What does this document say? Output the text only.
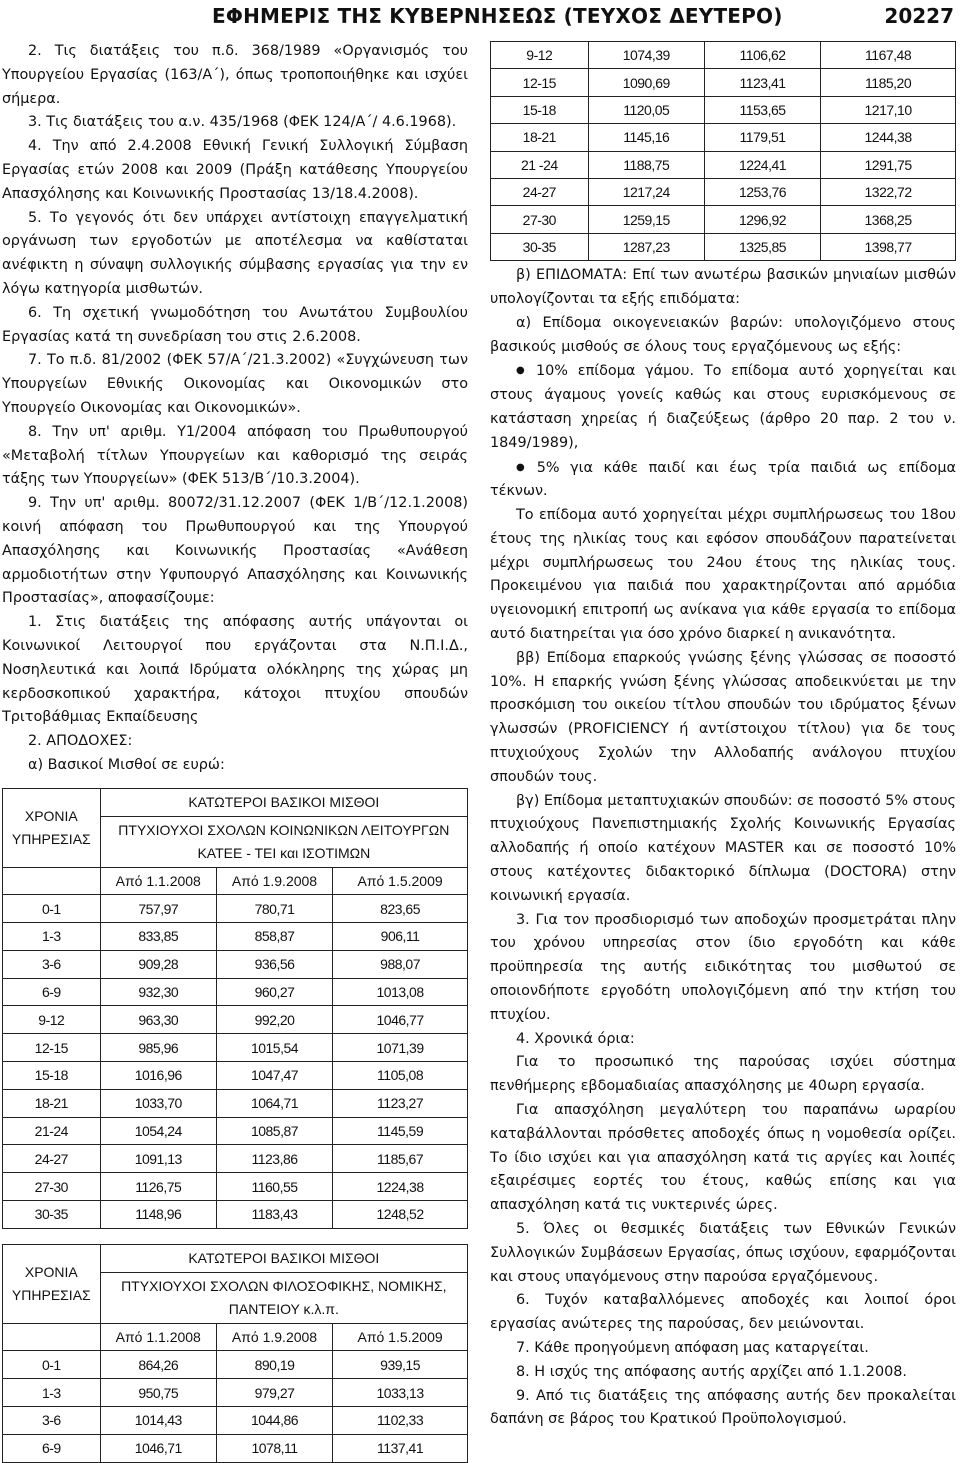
ΕΦΗΜΕΡΙΣ ΤΗΣ ΚΥΒΕΡΝΗΣΕΩΣ (ΤΕΥΧΟΣ ΔΕΥΤΕΡΟ)	20227

2. Τις διατάξεις του π.δ. 368/1989 «Οργανισμός του Υπουργείου Εργασίας (163/Α΄), όπως τροποποιήθηκε και ισχύει σήμερα.

3. Τις διατάξεις του α.ν. 435/1968 (ΦΕΚ 124/Α΄/ 4.6.1968).

4. Την από 2.4.2008 Εθνική Γενική Συλλογική Σύμβαση Εργασίας ετών 2008 και 2009 (Πράξη κατάθεσης Υπουργείου Απασχόλησης και Κοινωνικής Προστασίας 13/18.4.2008).

5. Το γεγονός ότι δεν υπάρχει αντίστοιχη επαγγελματική οργάνωση των εργοδοτών με αποτέλεσμα να καθίσταται ανέφικτη η σύναψη συλλογικής σύμβασης εργασίας για την εν λόγω κατηγορία μισθωτών.

6. Τη σχετική γνωμοδότηση του Ανωτάτου Συμβουλίου Εργασίας κατά τη συνεδρίαση του στις 2.6.2008.

7. Το π.δ. 81/2002 (ΦΕΚ 57/Α΄/21.3.2002) «Συγχώνευση των Υπουργείων Εθνικής Οικονομίας και Οικονομικών στο Υπουργείο Οικονομίας και Οικονομικών».

8. Την υπ' αριθμ. Υ1/2004 απόφαση του Πρωθυπουργού «Μεταβολή τίτλων Υπουργείων και καθορισμό της σειράς τάξης των Υπουργείων» (ΦΕΚ 513/Β΄/10.3.2004).

9. Την υπ' αριθμ. 80072/31.12.2007 (ΦΕΚ 1/Β΄/12.1.2008) κοινή απόφαση του Πρωθυπουργού και της Υπουργού Απασχόλησης και Κοινωνικής Προστασίας «Ανάθεση αρμοδιοτήτων στην Υφυπουργό Απασχόλησης και Κοινωνικής Προστασίας», αποφασίζουμε:

1. Στις διατάξεις της απόφασης αυτής υπάγονται οι Κοινωνικοί Λειτουργοί που εργάζονται στα Ν.Π.Ι.Δ., Νοσηλευτικά και λοιπά Ιδρύματα ολόκληρης της χώρας μη κερδοσκοπικού χαρακτήρα, κάτοχοι πτυχίου σπουδών Τριτοβάθμιας Εκπαίδευσης

2. ΑΠΟΔΟΧΕΣ:

α) Βασικοί Μισθοί σε ευρώ:

ΧΡΟΝΙΑ ΥΠΗΡΕΣΙΑΣ	ΚΑΤΩΤΕΡΟΙ ΒΑΣΙΚΟΙ ΜΙΣΘΟΙ		
	ΠΤΥΧΙΟΥΧΟΙ ΣΧΟΛΩΝ ΚΟΙΝΩΝΙΚΩΝ ΛΕΙΤΟΥΡΓΩΝ ΚΑΤΕΕ - ΤΕΙ και ΙΣΟΤΙΜΩΝ		
	Από 1.1.2008	Από 1.9.2008	Από 1.5.2009
0-1	757,97	780,71	823,65
1-3	833,85	858,87	906,11
3-6	909,28	936,56	988,07
6-9	932,30	960,27	1013,08
9-12	963,30	992,20	1046,77
12-15	985,96	1015,54	1071,39
15-18	1016,96	1047,47	1105,08
18-21	1033,70	1064,71	1123,27
21-24	1054,24	1085,87	1145,59
24-27	1091,13	1123,86	1185,67
27-30	1126,75	1160,55	1224,38
30-35	1148,96	1183,43	1248,52
ΧΡΟΝΙΑ ΥΠΗΡΕΣΙΑΣ	ΚΑΤΩΤΕΡΟΙ ΒΑΣΙΚΟΙ ΜΙΣΘΟΙ		
	ΠΤΥΧΙΟΥΧΟΙ ΣΧΟΛΩΝ ΦΙΛΟΣΟΦΙΚΗΣ, ΝΟΜΙΚΗΣ, ΠΑΝΤΕΙΟΥ κ.λ.π.		
	Από 1.1.2008	Από 1.9.2008	Από 1.5.2009
0-1	864,26	890,19	939,15
1-3	950,75	979,27	1033,13
3-6	1014,43	1044,86	1102,33
6-9	1046,71	1078,11	1137,41
9-12	1074,39	1106,62	1167,48
12-15	1090,69	1123,41	1185,20
15-18	1120,05	1153,65	1217,10
18-21	1145,16	1179,51	1244,38
21 -24	1188,75	1224,41	1291,75
24-27	1217,24	1253,76	1322,72
27-30	1259,15	1296,92	1368,25
30-35	1287,23	1325,85	1398,77

β) ΕΠΙΔΟΜΑΤΑ: Επί των ανωτέρω βασικών μηνιαίων μισθών υπολογίζονται τα εξής επιδόματα:

α) Επίδομα οικογενειακών βαρών: υπολογιζόμενο στους βασικούς μισθούς σε όλους τους εργαζόμενους ως εξής:

● 10% επίδομα γάμου. Το επίδομα αυτό χορηγείται και στους άγαμους γονείς καθώς και στους ευρισκόμενους σε κατάσταση χηρείας ή διαζεύξεως (άρθρο 20 παρ. 2 του ν. 1849/1989),

● 5% για κάθε παιδί και έως τρία παιδιά ως επίδομα τέκνων.

Το επίδομα αυτό χορηγείται μέχρι συμπλήρωσεως του 18ου έτους της ηλικίας τους και εφόσον σπουδάζουν παρατείνεται μέχρι συμπλήρωσεως του 24ου έτους της ηλικίας τους. Προκειμένου για παιδιά που χαρακτηρίζονται από αρμόδια υγειονομική επιτροπή ως ανίκανα για κάθε εργασία το επίδομα αυτό διατηρείται για όσο χρόνο διαρκεί η ανικανότητα.

ββ) Επίδομα επαρκούς γνώσης ξένης γλώσσας σε ποσοστό 10%. Η επαρκής γνώση ξένης γλώσσας αποδεικνύεται με την προσκόμιση του οικείου τίτλου σπουδών του ιδρύματος ξένων γλωσσών (PROFICIENCY ή αντίστοιχου τίτλου) για δε τους πτυχιούχους Σχολών την Αλλοδαπής ανάλογου πτυχίου σπουδών τους.

βγ) Επίδομα μεταπτυχιακών σπουδών: σε ποσοστό 5% στους πτυχιούχους Πανεπιστημιακής Σχολής Κοινωνικής Εργασίας αλλοδαπής ή οποίο κατέχουν MASTER και σε ποσοστό 10% στους κατέχοντες διδακτορικό δίπλωμα (DOCTORA) στην κοινωνική εργασία.

3. Για τον προσδιορισμό των αποδοχών προσμετράται πλην του χρόνου υπηρεσίας στον ίδιο εργοδότη και κάθε προϋπηρεσία της αυτής ειδικότητας του μισθωτού σε οποιονδήποτε εργοδότη υπολογιζόμενη από την κτήση του πτυχίου.

4. Χρονικά όρια:

Για το προσωπικό της παρούσας ισχύει σύστημα πενθήμερης εβδομαδιαίας απασχόλησης με 40ωρη εργασία.

Για απασχόληση μεγαλύτερη του παραπάνω ωραρίου καταβάλλονται πρόσθετες αποδοχές όπως η νομοθεσία ορίζει. Το ίδιο ισχύει και για απασχόληση κατά τις αργίες και λοιπές εξαιρέσιμες εορτές του έτους, καθώς επίσης και για απασχόληση κατά τις νυκτερινές ώρες.

5. Όλες οι θεσμικές διατάξεις των Εθνικών Γενικών Συλλογικών Συμβάσεων Εργασίας, όπως ισχύουν, εφαρμόζονται και στους υπαγόμενους στην παρούσα εργαζόμενους.

6. Τυχόν καταβαλλόμενες αποδοχές και λοιποί όροι εργασίας ανώτερες της παρούσας, δεν μειώνονται.

7. Κάθε προηγούμενη απόφαση μας καταργείται.

8. Η ισχύς της απόφασης αυτής αρχίζει από 1.1.2008.

9. Από τις διατάξεις της απόφασης αυτής δεν προκαλείται δαπάνη σε βάρος του Κρατικού Προϋπολογισμού.
